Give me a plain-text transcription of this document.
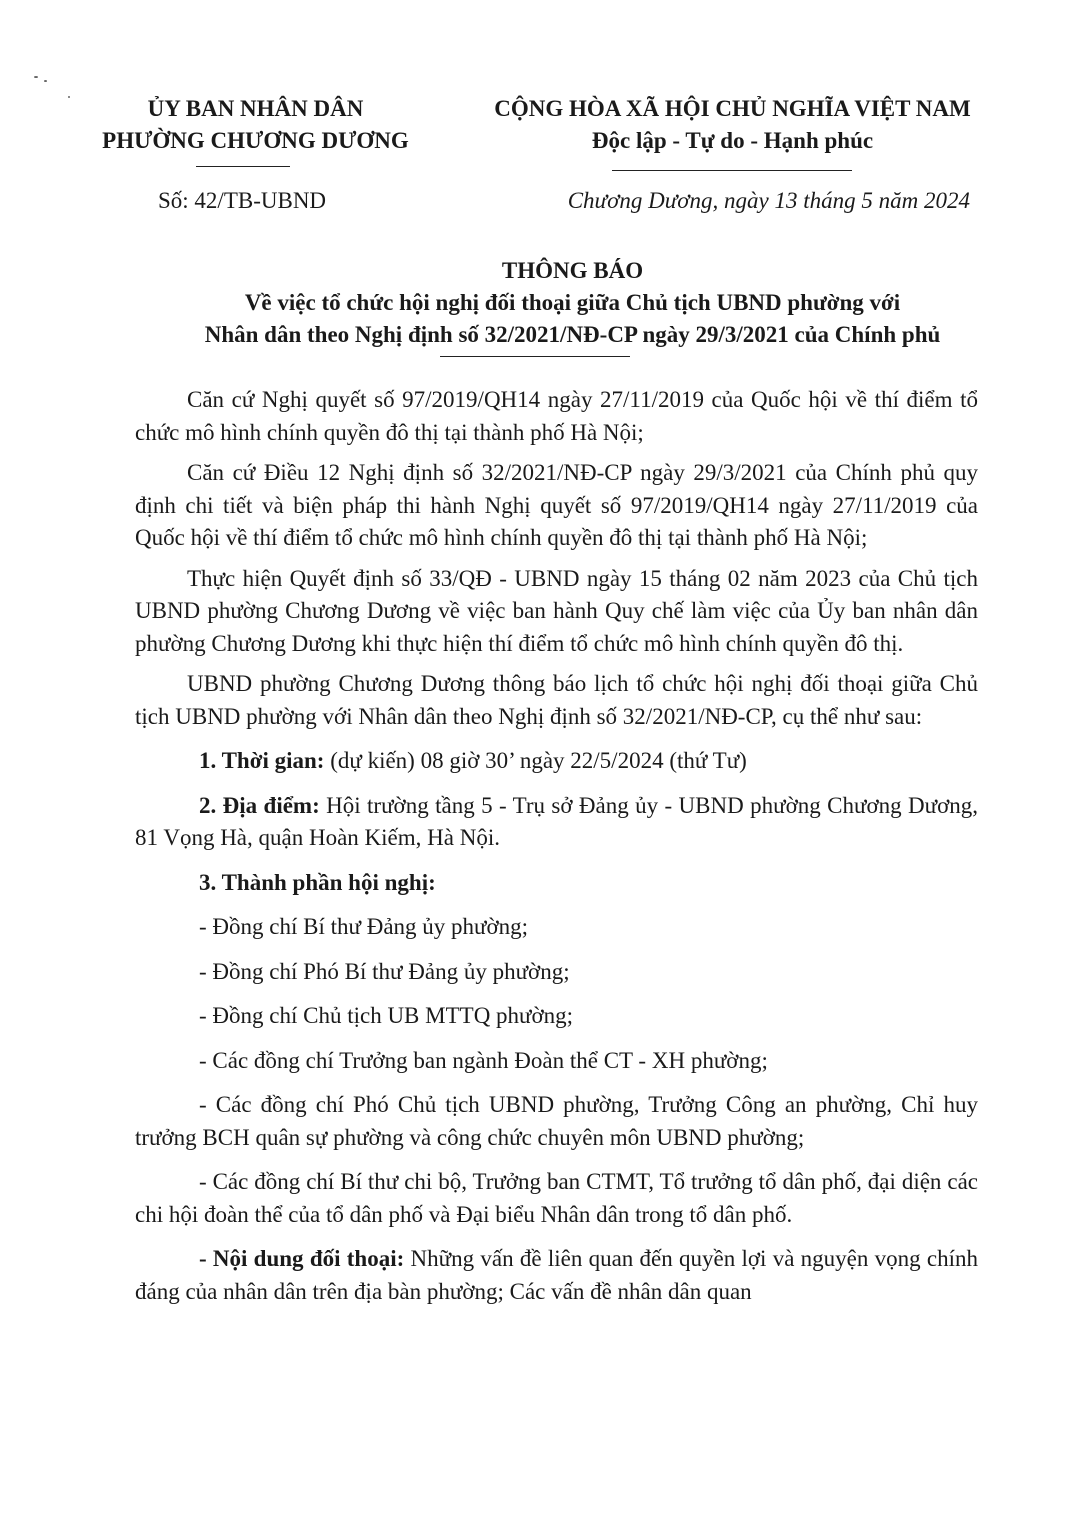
ỦY BAN NHÂN DÂN
PHƯỜNG CHƯƠNG DƯƠNG
CỘNG HÒA XÃ HỘI CHỦ NGHĨA VIỆT NAM
Độc lập - Tự do - Hạnh phúc
Số: 42/TB-UBND	Chương Dương, ngày 13 tháng 5 năm 2024
THÔNG BÁO
Về việc tổ chức hội nghị đối thoại giữa Chủ tịch UBND phường với
Nhân dân theo Nghị định số 32/2021/NĐ-CP ngày 29/3/2021 của Chính phủ

Căn cứ Nghị quyết số 97/2019/QH14 ngày 27/11/2019 của Quốc hội về thí điểm tổ chức mô hình chính quyền đô thị tại thành phố Hà Nội;

Căn cứ Điều 12 Nghị định số 32/2021/NĐ-CP ngày 29/3/2021 của Chính phủ quy định chi tiết và biện pháp thi hành Nghị quyết số 97/2019/QH14 ngày 27/11/2019 của Quốc hội về thí điểm tổ chức mô hình chính quyền đô thị tại thành phố Hà Nội;

Thực hiện Quyết định số 33/QĐ - UBND ngày 15 tháng 02 năm 2023 của Chủ tịch UBND phường Chương Dương về việc ban hành Quy chế làm việc của Ủy ban nhân dân phường Chương Dương khi thực hiện thí điểm tổ chức mô hình chính quyền đô thị.

UBND phường Chương Dương thông báo lịch tổ chức hội nghị đối thoại giữa Chủ tịch UBND phường với Nhân dân theo Nghị định số 32/2021/NĐ-CP, cụ thể như sau:

1. Thời gian: (dự kiến) 08 giờ 30’ ngày 22/5/2024 (thứ Tư)

2. Địa điểm: Hội trường tầng 5 - Trụ sở Đảng ủy - UBND phường Chương Dương, 81 Vọng Hà, quận Hoàn Kiếm, Hà Nội.

3. Thành phần hội nghị:

- Đồng chí Bí thư Đảng ủy phường;

- Đồng chí Phó Bí thư Đảng ủy phường;

- Đồng chí Chủ tịch UB MTTQ phường;

- Các đồng chí Trưởng ban ngành Đoàn thể CT - XH phường;

- Các đồng chí Phó Chủ tịch UBND phường, Trưởng Công an phường, Chỉ huy trưởng BCH quân sự phường và công chức chuyên môn UBND phường;

- Các đồng chí Bí thư chi bộ, Trưởng ban CTMT, Tổ trưởng tổ dân phố, đại diện các chi hội đoàn thể của tổ dân phố và Đại biểu Nhân dân trong tổ dân phố.

- Nội dung đối thoại: Những vấn đề liên quan đến quyền lợi và nguyện vọng chính đáng của nhân dân trên địa bàn phường; Các vấn đề nhân dân quan
